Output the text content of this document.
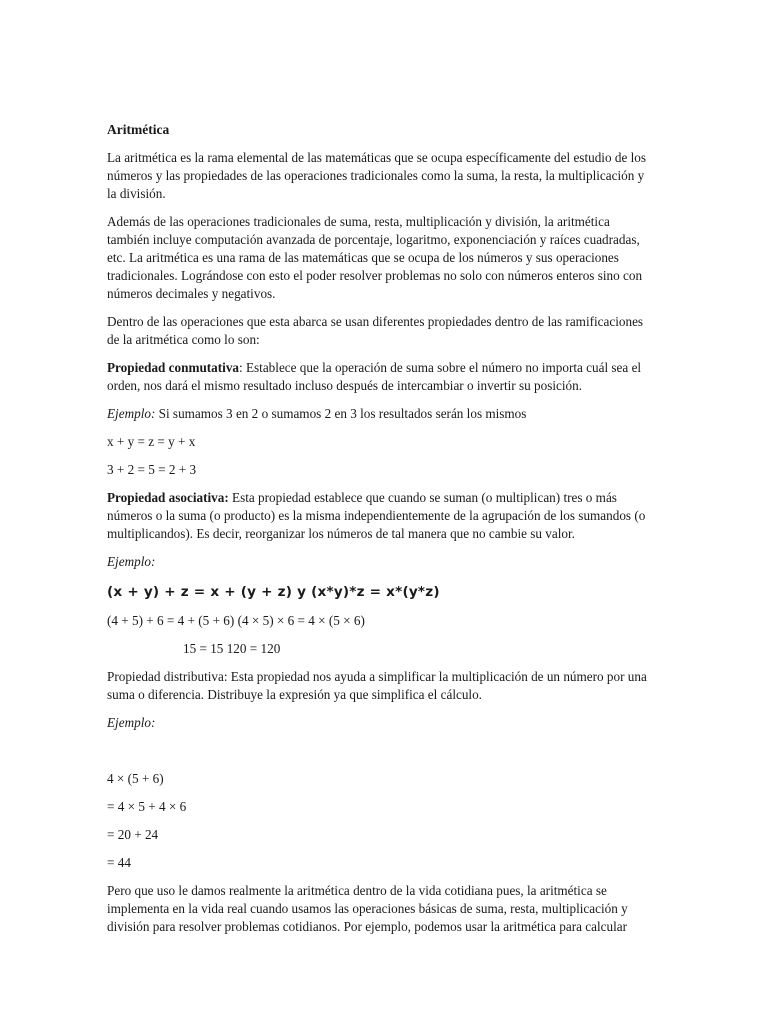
Aritmética

La aritmética es la rama elemental de las matemáticas que se ocupa específicamente del estudio de los números y las propiedades de las operaciones tradicionales como la suma, la resta, la multiplicación y la división.

Además de las operaciones tradicionales de suma, resta, multiplicación y división, la aritmética también incluye computación avanzada de porcentaje, logaritmo, exponenciación y raíces cuadradas, etc. La aritmética es una rama de las matemáticas que se ocupa de los números y sus operaciones tradicionales. Lográndose con esto el poder resolver problemas no solo con números enteros sino con números decimales y negativos.

Dentro de las operaciones que esta abarca se usan diferentes propiedades dentro de las ramificaciones de la aritmética como lo son:

Propiedad conmutativa: Establece que la operación de suma sobre el número no importa cuál sea el orden, nos dará el mismo resultado incluso después de intercambiar o invertir su posición.

Ejemplo: Si sumamos 3 en 2 o sumamos 2 en 3 los resultados serán los mismos

x + y = z = y + x

3 + 2 = 5 = 2 + 3

Propiedad asociativa: Esta propiedad establece que cuando se suman (o multiplican) tres o más números o la suma (o producto) es la misma independientemente de la agrupación de los sumandos (o multiplicandos). Es decir, reorganizar los números de tal manera que no cambie su valor.

Ejemplo:

(x + y) + z = x + (y + z) y (x*y)*z = x*(y*z)

(4 + 5) + 6 = 4 + (5 + 6) (4 × 5) × 6 = 4 × (5 × 6)

15 = 15 120 = 120

Propiedad distributiva: Esta propiedad nos ayuda a simplificar la multiplicación de un número por una suma o diferencia. Distribuye la expresión ya que simplifica el cálculo.

Ejemplo:

4 × (5 + 6)

= 4 × 5 + 4 × 6

= 20 + 24

= 44

Pero que uso le damos realmente la aritmética dentro de la vida cotidiana pues, la aritmética se implementa en la vida real cuando usamos las operaciones básicas de suma, resta, multiplicación y división para resolver problemas cotidianos. Por ejemplo, podemos usar la aritmética para calcular
